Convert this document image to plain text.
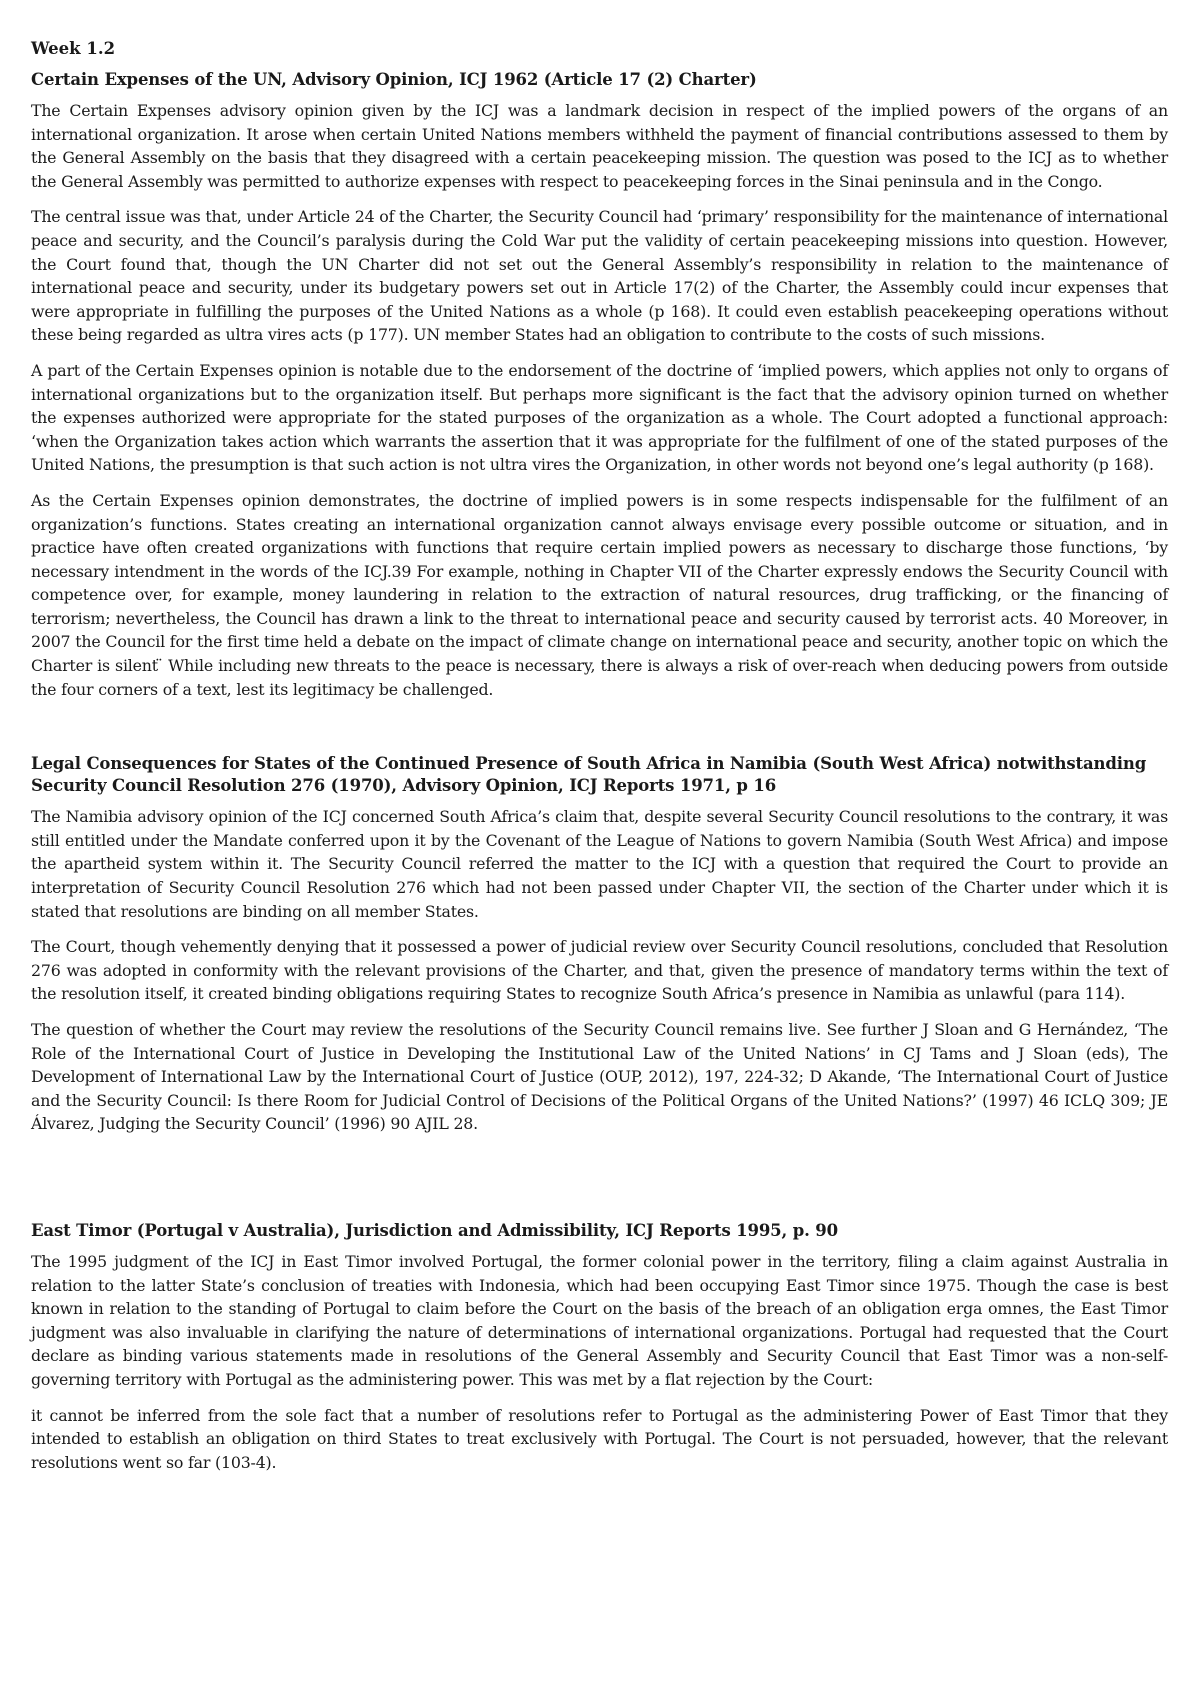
Week 1.2
Certain Expenses of the UN, Advisory Opinion, ICJ 1962 (Article 17 (2) Charter)

The Certain Expenses advisory opinion given by the ICJ was a landmark decision in respect of the implied powers of the organs of an international organization. It arose when certain United Nations members withheld the payment of financial contributions assessed to them by the General Assembly on the basis that they disagreed with a certain peacekeeping mission. The question was posed to the ICJ as to whether the General Assembly was permitted to authorize expenses with respect to peacekeeping forces in the Sinai peninsula and in the Congo.

The central issue was that, under Article 24 of the Charter, the Security Council had ‘primary’ responsibility for the maintenance of international peace and security, and the Council’s paralysis during the Cold War put the validity of certain peacekeeping missions into question. However, the Court found that, though the UN Charter did not set out the General Assembly’s responsibility in relation to the maintenance of international peace and security, under its budgetary powers set out in Article 17(2) of the Charter, the Assembly could incur expenses that were appropriate in fulfilling the purposes of the United Nations as a whole (p 168). It could even establish peacekeeping operations without these being regarded as ultra vires acts (p 177). UN member States had an obligation to contribute to the costs of such missions.

A part of the Certain Expenses opinion is notable due to the endorsement of the doctrine of ‘implied powers, which applies not only to organs of international organizations but to the organization itself. But perhaps more significant is the fact that the advisory opinion turned on whether the expenses authorized were appropriate for the stated purposes of the organization as a whole. The Court adopted a functional approach: ‘when the Organization takes action which warrants the assertion that it was appropriate for the fulfilment of one of the stated purposes of the United Nations, the presumption is that such action is not ultra vires the Organization, in other words not beyond one’s legal authority (p 168).

As the Certain Expenses opinion demonstrates, the doctrine of implied powers is in some respects indispensable for the fulfilment of an organization’s functions. States creating an international organization cannot always envisage every possible outcome or situation, and in practice have often created organizations with functions that require certain implied powers as necessary to discharge those functions, ‘by necessary intendment in the words of the ICJ.39 For example, nothing in Chapter VII of the Charter expressly endows the Security Council with competence over, for example, money laundering in relation to the extraction of natural resources, drug trafficking, or the financing of terrorism; nevertheless, the Council has drawn a link to the threat to international peace and security caused by terrorist acts. 40 Moreover, in 2007 the Council for the first time held a debate on the impact of climate change on international peace and security, another topic on which the Charter is silent ̈ While including new threats to the peace is necessary, there is always a risk of over-reach when deducing powers from outside the four corners of a text, lest its legitimacy be challenged.

Legal Consequences for States of the Continued Presence of South Africa in Namibia (South West Africa) notwithstanding Security Council Resolution 276 (1970), Advisory Opinion, ICJ Reports 1971, p 16

The Namibia advisory opinion of the ICJ concerned South Africa’s claim that, despite several Security Council resolutions to the contrary, it was still entitled under the Mandate conferred upon it by the Covenant of the League of Nations to govern Namibia (South West Africa) and impose the apartheid system within it. The Security Council referred the matter to the ICJ with a question that required the Court to provide an interpretation of Security Council Resolution 276 which had not been passed under Chapter VII, the section of the Charter under which it is stated that resolutions are binding on all member States.

The Court, though vehemently denying that it possessed a power of judicial review over Security Council resolutions, concluded that Resolution 276 was adopted in conformity with the relevant provisions of the Charter, and that, given the presence of mandatory terms within the text of the resolution itself, it created binding obligations requiring States to recognize South Africa’s presence in Namibia as unlawful (para 114).

The question of whether the Court may review the resolutions of the Security Council remains live. See further J Sloan and G Hernández, ‘The Role of the International Court of Justice in Developing the Institutional Law of the United Nations’ in CJ Tams and J Sloan (eds), The Development of International Law by the International Court of Justice (OUP, 2012), 197, 224-32; D Akande, ‘The International Court of Justice and the Security Council: Is there Room for Judicial Control of Decisions of the Political Organs of the United Nations?’ (1997) 46 ICLQ 309; JE Álvarez, Judging the Security Council’ (1996) 90 AJIL 28.

East Timor (Portugal v Australia), Jurisdiction and Admissibility, ICJ Reports 1995, p. 90

The 1995 judgment of the ICJ in East Timor involved Portugal, the former colonial power in the territory, filing a claim against Australia in relation to the latter State’s conclusion of treaties with Indonesia, which had been occupying East Timor since 1975. Though the case is best known in relation to the standing of Portugal to claim before the Court on the basis of the breach of an obligation erga omnes, the East Timor judgment was also invaluable in clarifying the nature of determinations of international organizations. Portugal had requested that the Court declare as binding various statements made in resolutions of the General Assembly and Security Council that East Timor was a non-self-governing territory with Portugal as the administering power. This was met by a flat rejection by the Court:

it cannot be inferred from the sole fact that a number of resolutions refer to Portugal as the administering Power of East Timor that they intended to establish an obligation on third States to treat exclusively with Portugal. The Court is not persuaded, however, that the relevant resolutions went so far (103-4).
